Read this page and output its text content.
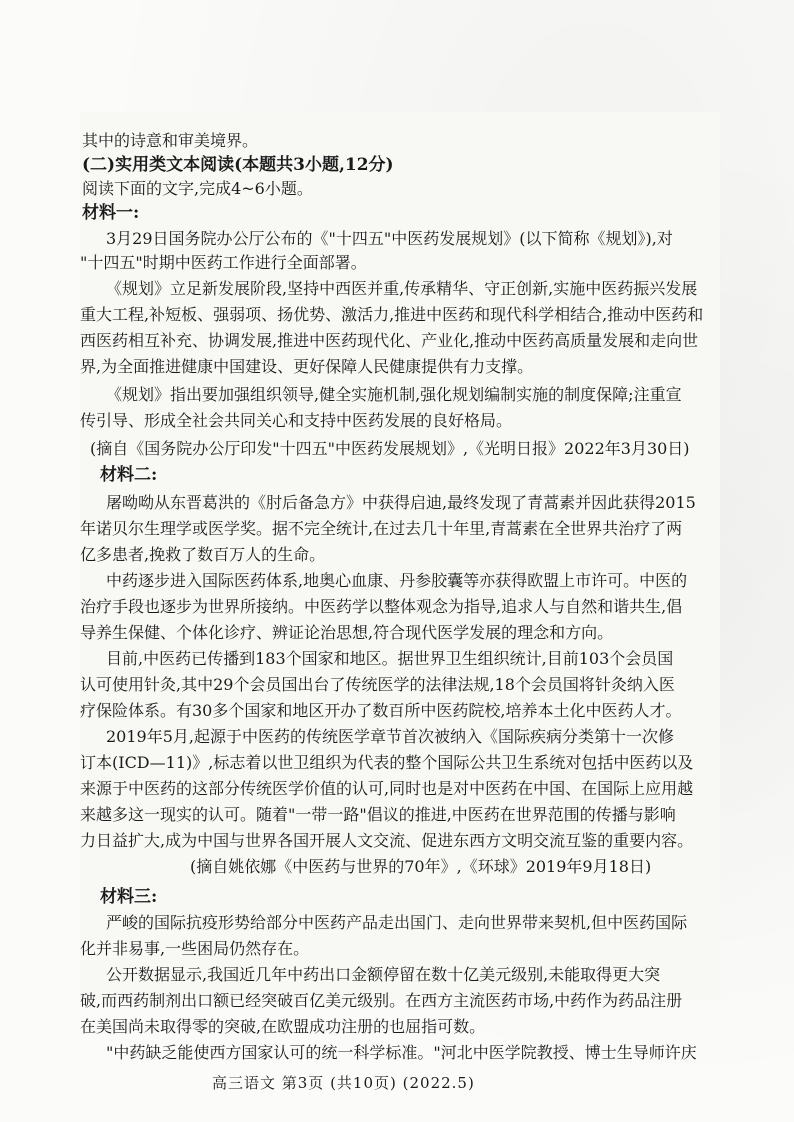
其中的诗意和审美境界。
(二)实用类文本阅读(本题共3小题,12分)
阅读下面的文字,完成4~6小题。
材料一:
3月29日国务院办公厅公布的《"十四五"中医药发展规划》(以下简称《规划》),对
"十四五"时期中医药工作进行全面部署。
《规划》立足新发展阶段,坚持中西医并重,传承精华、守正创新,实施中医药振兴发展
重大工程,补短板、强弱项、扬优势、激活力,推进中医药和现代科学相结合,推动中医药和
西医药相互补充、协调发展,推进中医药现代化、产业化,推动中医药高质量发展和走向世
界,为全面推进健康中国建设、更好保障人民健康提供有力支撑。
《规划》指出要加强组织领导,健全实施机制,强化规划编制实施的制度保障;注重宣
传引导、形成全社会共同关心和支持中医药发展的良好格局。
(摘自《国务院办公厅印发"十四五"中医药发展规划》,《光明日报》2022年3月30日)
材料二:
屠呦呦从东晋葛洪的《肘后备急方》中获得启迪,最终发现了青蒿素并因此获得2015
年诺贝尔生理学或医学奖。据不完全统计,在过去几十年里,青蒿素在全世界共治疗了两
亿多患者,挽救了数百万人的生命。
中药逐步进入国际医药体系,地奥心血康、丹参胶囊等亦获得欧盟上市许可。中医的
治疗手段也逐步为世界所接纳。中医药学以整体观念为指导,追求人与自然和谐共生,倡
导养生保健、个体化诊疗、辨证论治思想,符合现代医学发展的理念和方向。
目前,中医药已传播到183个国家和地区。据世界卫生组织统计,目前103个会员国
认可使用针灸,其中29个会员国出台了传统医学的法律法规,18个会员国将针灸纳入医
疗保险体系。有30多个国家和地区开办了数百所中医药院校,培养本土化中医药人才。
2019年5月,起源于中医药的传统医学章节首次被纳入《国际疾病分类第十一次修
订本(ICD—11)》,标志着以世卫组织为代表的整个国际公共卫生系统对包括中医药以及
来源于中医药的这部分传统医学价值的认可,同时也是对中医药在中国、在国际上应用越
来越多这一现实的认可。随着"一带一路"倡议的推进,中医药在世界范围的传播与影响
力日益扩大,成为中国与世界各国开展人文交流、促进东西方文明交流互鉴的重要内容。
(摘自姚依娜《中医药与世界的70年》,《环球》2019年9月18日)
材料三:
严峻的国际抗疫形势给部分中医药产品走出国门、走向世界带来契机,但中医药国际
化并非易事,一些困局仍然存在。
公开数据显示,我国近几年中药出口金额停留在数十亿美元级别,未能取得更大突
破,而西药制剂出口额已经突破百亿美元级别。在西方主流医药市场,中药作为药品注册
在美国尚未取得零的突破,在欧盟成功注册的也屈指可数。
"中药缺乏能使西方国家认可的统一科学标准。"河北中医学院教授、博士生导师许庆
高三语文 第3页 (共10页) (2022.5)
